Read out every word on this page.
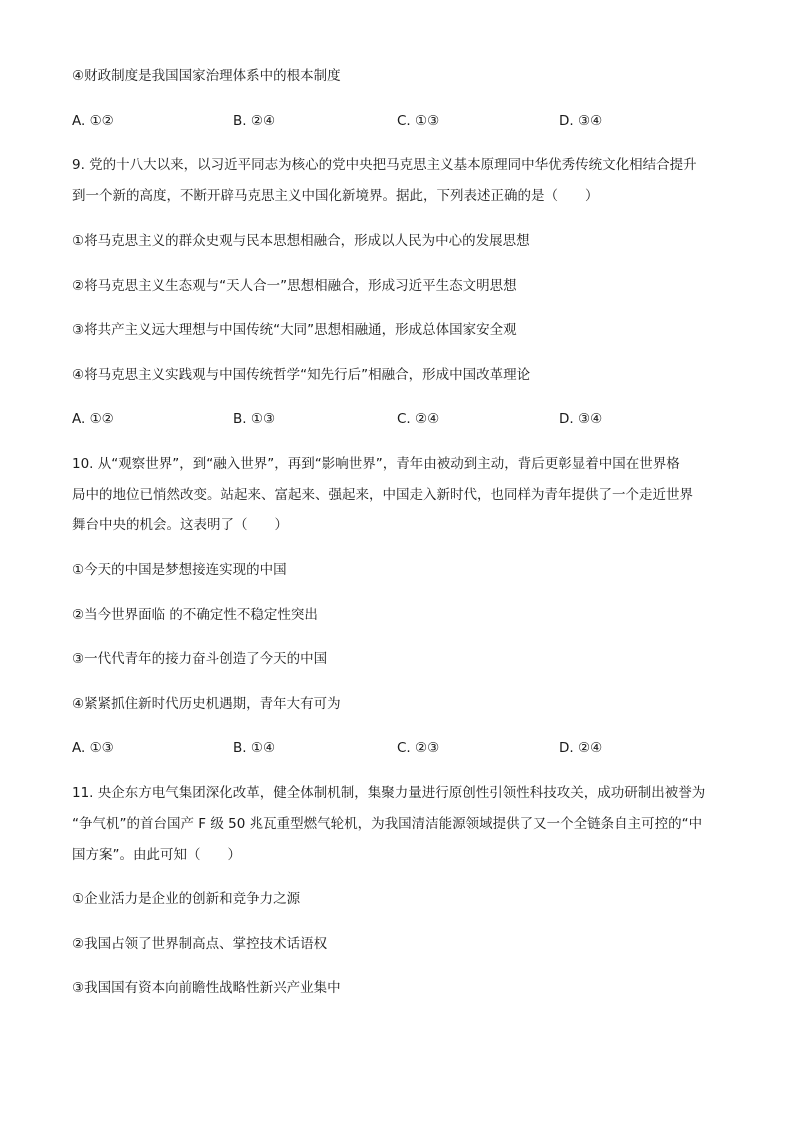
④财政制度是我国国家治理体系中的根本制度
A. ①②	B. ②④	C. ①③	D. ③④
9. 党的十八大以来，以习近平同志为核心的党中央把马克思主义基本原理同中华优秀传统文化相结合提升
到一个新的高度，不断开辟马克思主义中国化新境界。据此，下列表述正确的是（　　）
①将马克思主义的群众史观与民本思想相融合，形成以人民为中心的发展思想
②将马克思主义生态观与“天人合一”思想相融合，形成习近平生态文明思想
③将共产主义远大理想与中国传统“大同”思想相融通，形成总体国家安全观
④将马克思主义实践观与中国传统哲学“知先行后”相融合，形成中国改革理论
A. ①②	B. ①③	C. ②④	D. ③④
10. 从“观察世界”，到“融入世界”，再到“影响世界”，青年由被动到主动，背后更彰显着中国在世界格
局中的地位已悄然改变。站起来、富起来、强起来，中国走入新时代，也同样为青年提供了一个走近世界
舞台中央的机会。这表明了（　　）
①今天的中国是梦想接连实现的中国
②当今世界面临 的不确定性不稳定性突出
③一代代青年的接力奋斗创造了今天的中国
④紧紧抓住新时代历史机遇期，青年大有可为
A. ①③	B. ①④	C. ②③	D. ②④
11. 央企东方电气集团深化改革，健全体制机制，集聚力量进行原创性引领性科技攻关，成功研制出被誉为
“争气机”的首台国产 F 级 50 兆瓦重型燃气轮机，为我国清洁能源领域提供了又一个全链条自主可控的“中
国方案”。由此可知（　　）
①企业活力是企业的创新和竞争力之源
②我国占领了世界制高点、掌控技术话语权
③我国国有资本向前瞻性战略性新兴产业集中
